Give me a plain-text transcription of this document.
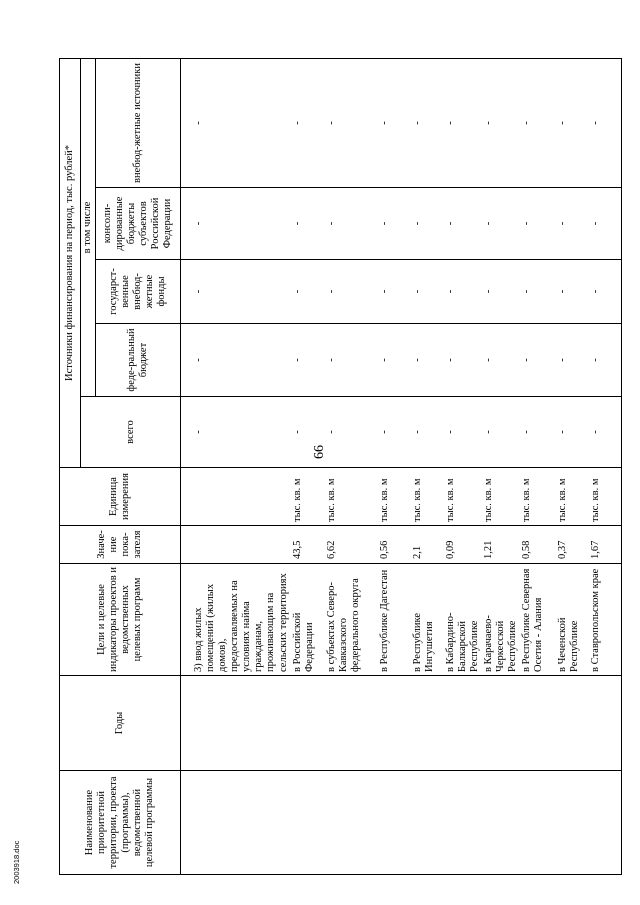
66
2003918.doc
Наименование приоритетной территории, проекта (программы), ведомственной целевой программы	Годы	Цели и целевые индикаторы проектов и ведомственных целевых программ	Значе-ние пока-зателя	Единица измерения	Источники финансирования на период, тыс. рублей*				
					всего	в том числе			
						феде-ральный бюджет	государст-венные внебюд-жетные фонды	консоли-дированные бюджеты субъектов Российской Федерации	внебюд-жетные источники
		3) ввод жилых помещений (жилых домов), предоставляемых на условиях найма гражданам, проживающим на сельских территориях			-	-	-	-	-
		в Российской Федерации	43,5	тыс. кв. м	-	-	-	-	-
		в субъектах Северо-Кавказского федерального округа	6,62	тыс. кв. м	-	-	-	-	-
		в Республике Дагестан	0,56	тыс. кв. м	-	-	-	-	-
		в Республике Ингушетия	2,1	тыс. кв. м	-	-	-	-	-
		в Кабардино-Балкарской Республике	0,09	тыс. кв. м	-	-	-	-	-
		в Карачаево-Черкесской Республике	1,21	тыс. кв. м	-	-	-	-	-
		в Республике Северная Осетия - Алания	0,58	тыс. кв. м	-	-	-	-	-
		в Чеченской Республике	0,37	тыс. кв. м	-	-	-	-	-
		в Ставропольском крае	1,67	тыс. кв. м	-	-	-	-	-
